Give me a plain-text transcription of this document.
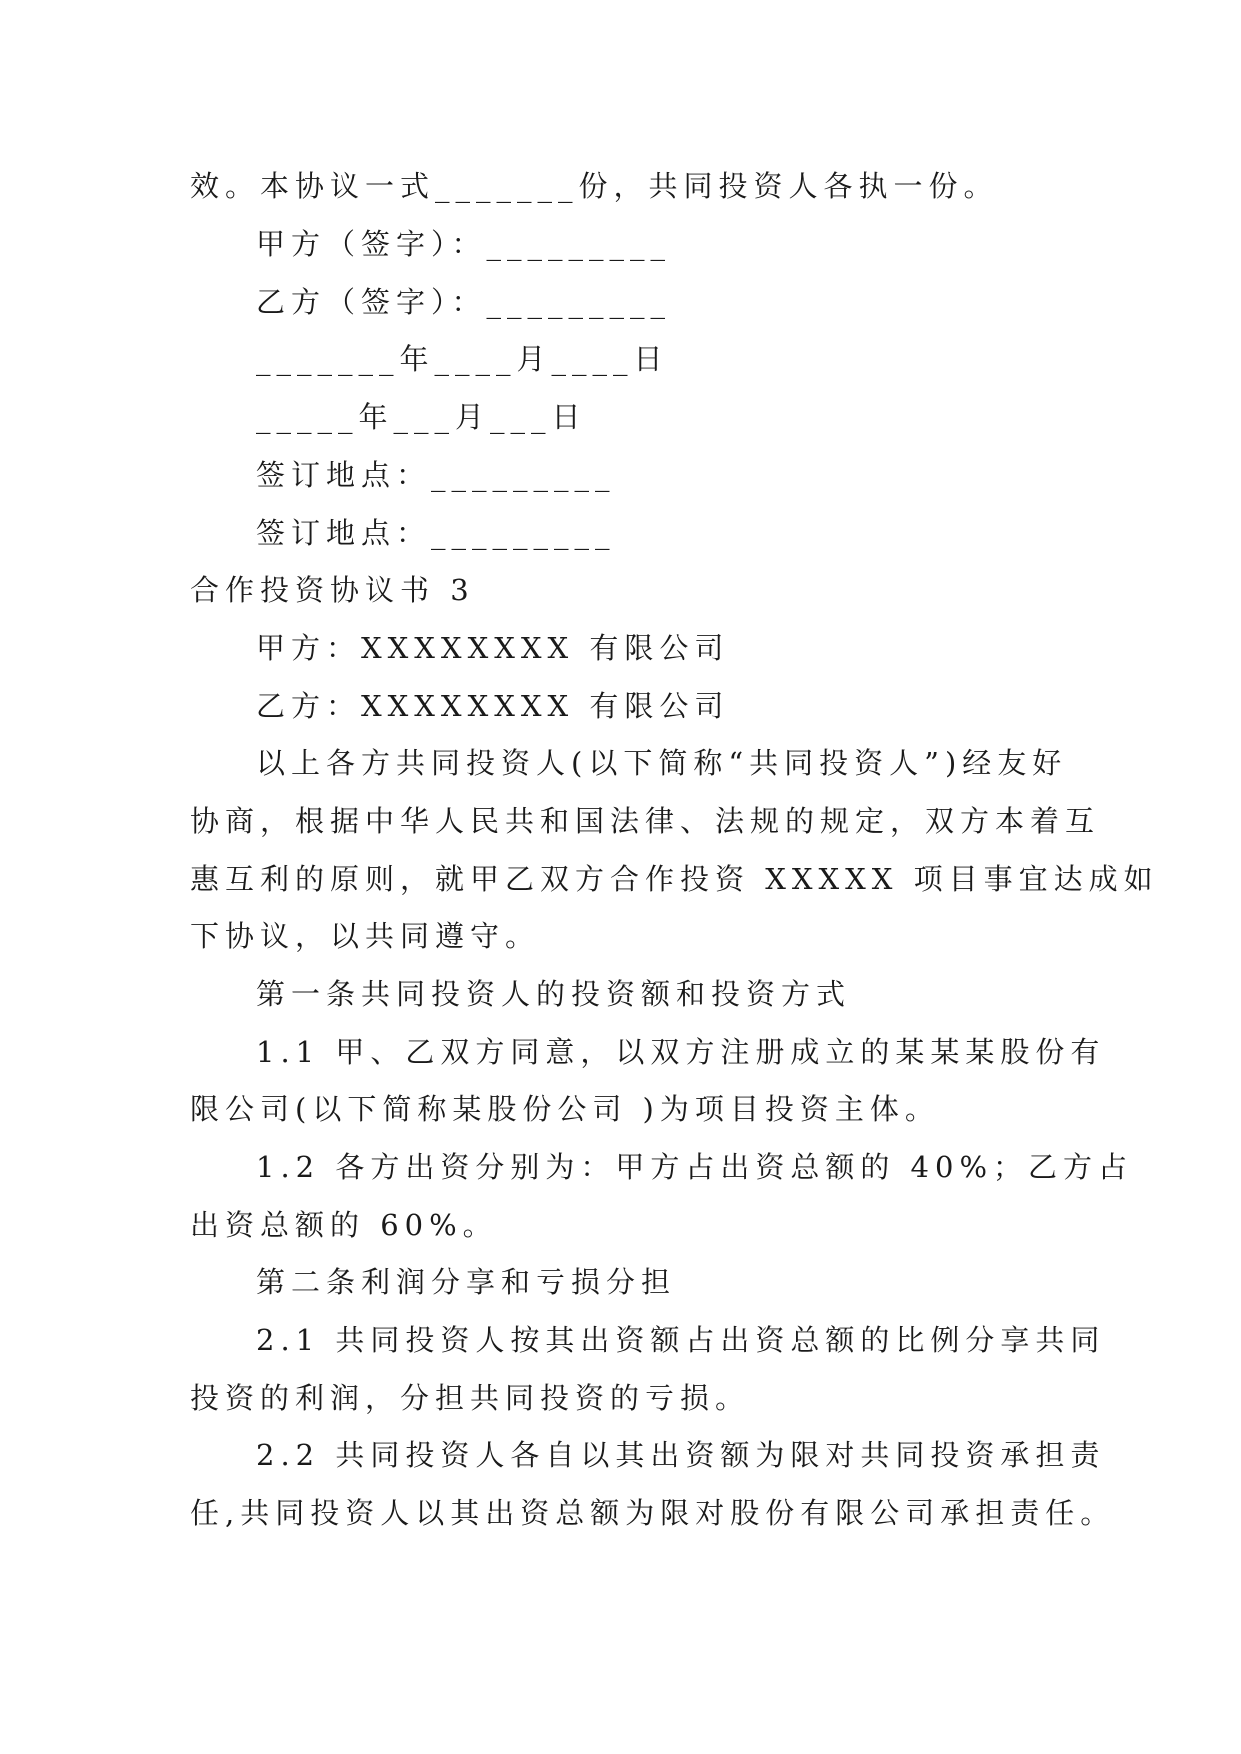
效。本协议一式_______份，共同投资人各执一份。
甲方（签字）：_________
乙方（签字）：_________
_______年____月____日
_____年___月___日
签订地点：_________
签订地点：_________
合作投资协议书 3
甲方：XXXXXXXX 有限公司
乙方：XXXXXXXX 有限公司
以上各方共同投资人(以下简称“共同投资人”)经友好
协商，根据中华人民共和国法律、法规的规定，双方本着互
惠互利的原则，就甲乙双方合作投资 XXXXX 项目事宜达成如
下协议，以共同遵守。
第一条共同投资人的投资额和投资方式
1.1 甲、乙双方同意，以双方注册成立的某某某股份有
限公司(以下简称某股份公司 )为项目投资主体。
1.2 各方出资分别为：甲方占出资总额的 40%；乙方占
出资总额的 60%。
第二条利润分享和亏损分担
2.1 共同投资人按其出资额占出资总额的比例分享共同
投资的利润，分担共同投资的亏损。
2.2 共同投资人各自以其出资额为限对共同投资承担责
任,共同投资人以其出资总额为限对股份有限公司承担责任。
